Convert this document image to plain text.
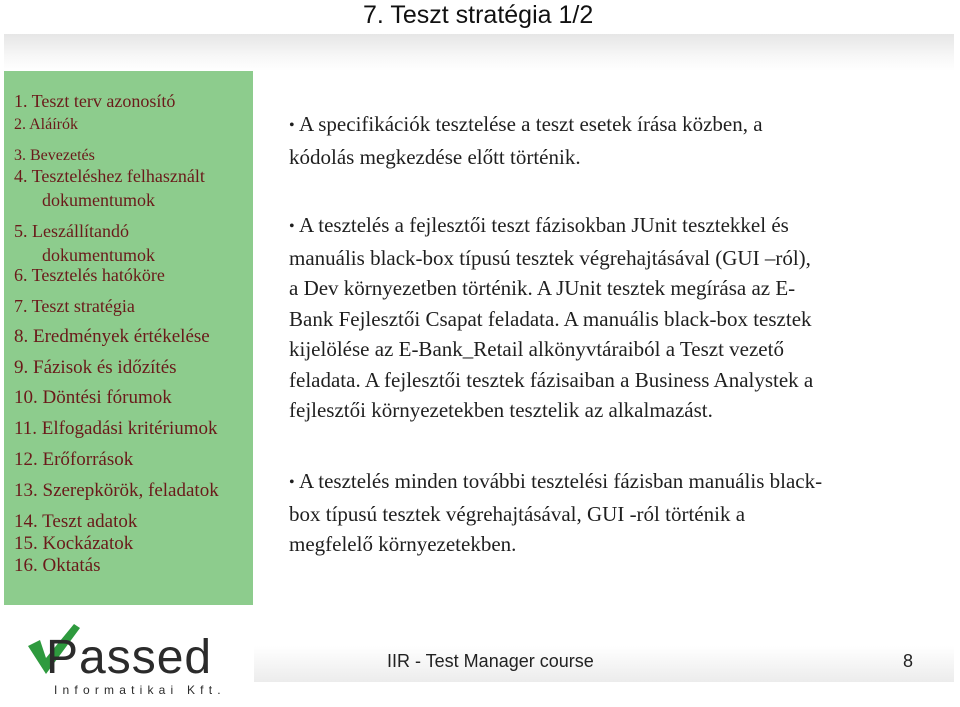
7. Teszt stratégia 1/2
1. Teszt terv azonosító
2. Aláírók
3. Bevezetés
4. Teszteléshez felhasznált
dokumentumok
5. Leszállítandó
dokumentumok
6. Tesztelés hatóköre
7. Teszt stratégia
8. Eredmények értékelése
9. Fázisok és időzítés
10. Döntési fórumok
11. Elfogadási kritériumok
12. Erőforrások
13. Szerepkörök, feladatok
14. Teszt adatok
15. Kockázatok
16. Oktatás
• A specifikációk tesztelése a teszt esetek írása közben, a
kódolás megkezdése előtt történik.
• A tesztelés a fejlesztői teszt fázisokban JUnit tesztekkel és
manuális black-box típusú tesztek végrehajtásával (GUI –ról),
a Dev környezetben történik. A JUnit tesztek megírása az E-
Bank Fejlesztői Csapat feladata. A manuális black-box tesztek
kijelölése az E-Bank_Retail alkönyvtáraiból a Teszt vezető
feladata. A fejlesztői tesztek fázisaiban a Business Analystek a
fejlesztői környezetekben tesztelik az alkalmazást.
• A tesztelés minden további tesztelési fázisban manuális black-
box típusú tesztek végrehajtásával, GUI -ról történik a
megfelelő környezetekben.
IIR - Test Manager course	8
Passed
Informatikai Kft.
